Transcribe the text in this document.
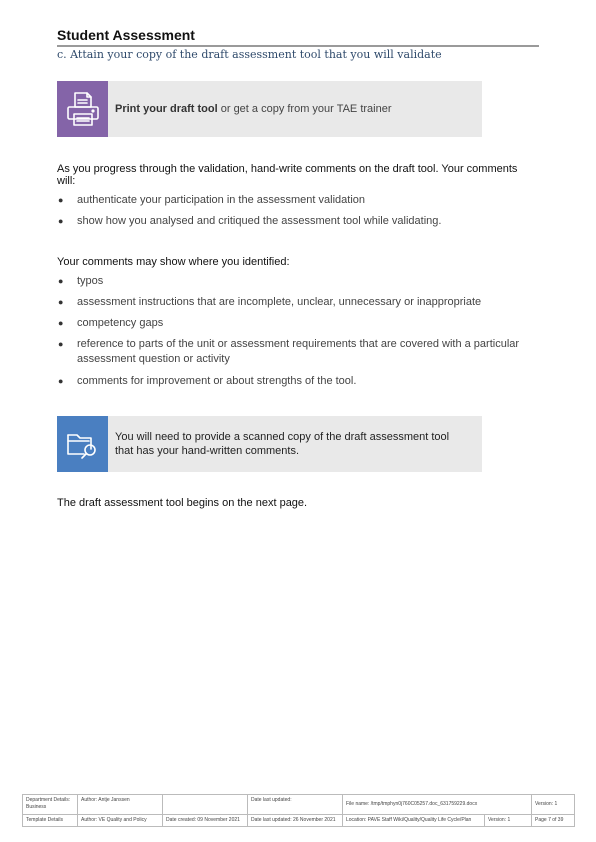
Student Assessment
c. Attain your copy of the draft assessment tool that you will validate
Print your draft tool or get a copy from your TAE trainer
As you progress through the validation, hand-write comments on the draft tool. Your comments will:
● authenticate your participation in the assessment validation
● show how you analysed and critiqued the assessment tool while validating.
Your comments may show where you identified:
● typos
● assessment instructions that are incomplete, unclear, unnecessary or inappropriate
● competency gaps
● reference to parts of the unit or assessment requirements that are covered with a particular assessment question or activity
● comments for improvement or about strengths of the tool.
You will need to provide a scanned copy of the draft assessment tool that has your hand-written comments.
The draft assessment tool begins on the next page.
Department Details: Business	Author: Antje Janssen		Date last updated:	File name: /tmp/tmphyn0j760C05257.doc_631759229.docx		Version: 1
Template Details	Author: VE Quality and Policy	Date created: 09 November 2021	Date last updated: 26 November 2021	Location: PAVE Staff Wiki/Quality/Quality Life Cycle/Plan	Version: 1	Page 7 of 39
